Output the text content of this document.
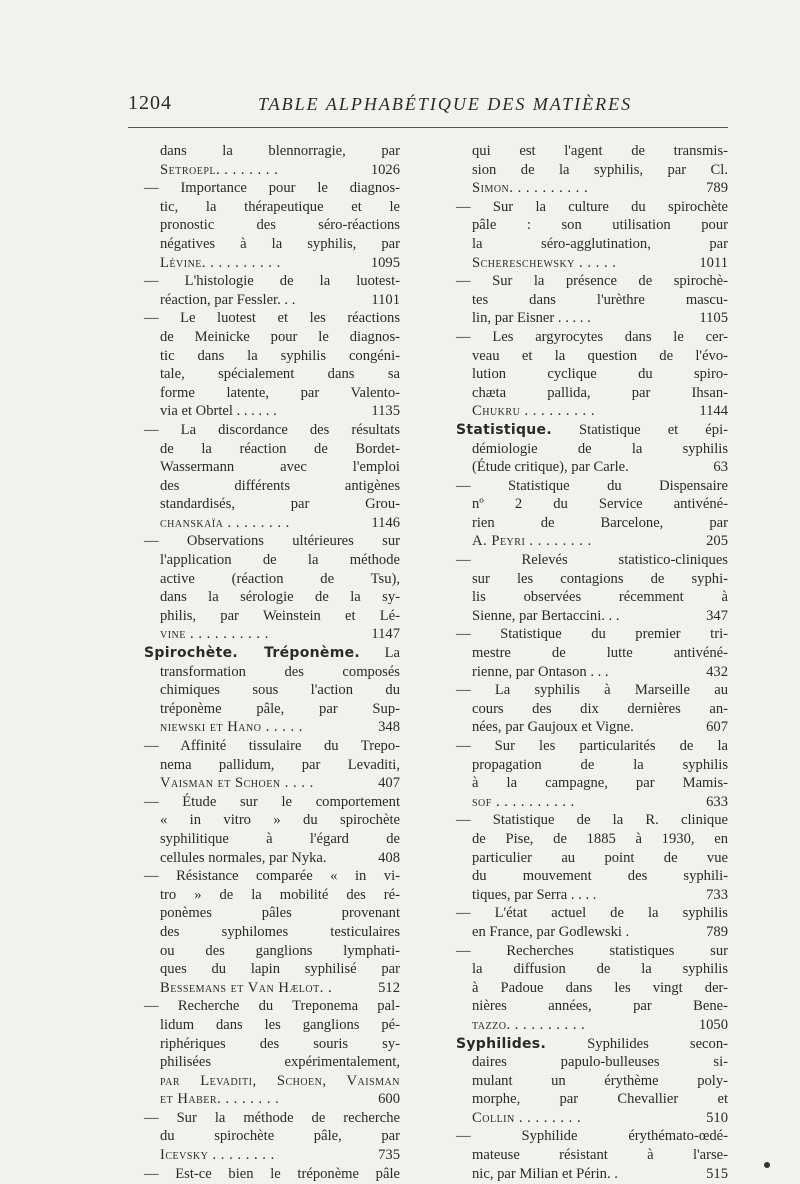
1204	TABLE ALPHABÉTIQUE DES MATIÈRES
dans la blennorragie, par
Setroepl. . . . . . . .	1026
— Importance pour le diagnos-
tic, la thérapeutique et le
pronostic des séro-réactions
négatives à la syphilis, par
Lévine. . . . . . . . . .	1095
— L'histologie de la luotest-
réaction, par Fessler. . .	1101
— Le luotest et les réactions
de Meinicke pour le diagnos-
tic dans la syphilis congéni-
tale, spécialement dans sa
forme latente, par Valento-
via et Obrtel . . . . . .	1135
— La discordance des résultats
de la réaction de Bordet-
Wassermann avec l'emploi
des différents antigènes
standardisés, par Grou-
chanskaïa . . . . . . . .	1146
— Observations ultérieures sur
l'application de la méthode
active (réaction de Tsu),
dans la sérologie de la sy-
philis, par Weinstein et Lé-
vine . . . . . . . . . .	1147
Spirochète. Tréponème. La
transformation des composés
chimiques sous l'action du
tréponème pâle, par Sup-
niewski et Hano . . . . .	348
— Affinité tissulaire du Trepo-
nema pallidum, par Levaditi,
Vaisman et Schoen . . . .	407
— Étude sur le comportement
« in vitro » du spirochète
syphilitique à l'égard de
cellules normales, par Nyka.	408
— Résistance comparée « in vi-
tro » de la mobilité des ré-
ponèmes pâles provenant
des syphilomes testiculaires
ou des ganglions lymphati-
ques du lapin syphilisé par
Bessemans et Van Hælot. .	512
— Recherche du Treponema pal-
lidum dans les ganglions pé-
riphériques des souris sy-
philisées expérimentalement,
par Levaditi, Schoen, Vaisman
et Haber. . . . . . . .	600
— Sur la méthode de recherche
du spirochète pâle, par
Icevsky . . . . . . . .	735
— Est-ce bien le tréponème pâle
qui est l'agent de transmis-
sion de la syphilis, par Cl.
Simon. . . . . . . . . .	789
— Sur la culture du spirochète
pâle : son utilisation pour
la séro-agglutination, par
Schereschewsky . . . . .	1011
— Sur la présence de spirochè-
tes dans l'urèthre mascu-
lin, par Eisner . . . . .	1105
— Les argyrocytes dans le cer-
veau et la question de l'évo-
lution cyclique du spiro-
chæta pallida, par Ihsan-
Chukru . . . . . . . . .	1144
Statistique. Statistique et épi-
démiologie de la syphilis
(Étude critique), par Carle.	63
— Statistique du Dispensaire
nº 2 du Service antivéné-
rien de Barcelone, par
A. Peyri . . . . . . . .	205
— Relevés statistico-cliniques
sur les contagions de syphi-
lis observées récemment à
Sienne, par Bertaccini. . .	347
— Statistique du premier tri-
mestre de lutte antivéné-
rienne, par Ontason . . .	432
— La syphilis à Marseille au
cours des dix dernières an-
nées, par Gaujoux et Vigne.	607
— Sur les particularités de la
propagation de la syphilis
à la campagne, par Mamis-
sof . . . . . . . . . .	633
— Statistique de la R. clinique
de Pise, de 1885 à 1930, en
particulier au point de vue
du mouvement des syphili-
tiques, par Serra . . . .	733
— L'état actuel de la syphilis
en France, par Godlewski .	789
— Recherches statistiques sur
la diffusion de la syphilis
à Padoue dans les vingt der-
nières années, par Bene-
tazzo. . . . . . . . . .	1050
Syphilides. Syphilides secon-
daires papulo-bulleuses si-
mulant un érythème poly-
morphe, par Chevallier et
Collin . . . . . . . .	510
— Syphilide érythémato-œdé-
mateuse résistant à l'arse-
nic, par Milian et Périn. .	515
